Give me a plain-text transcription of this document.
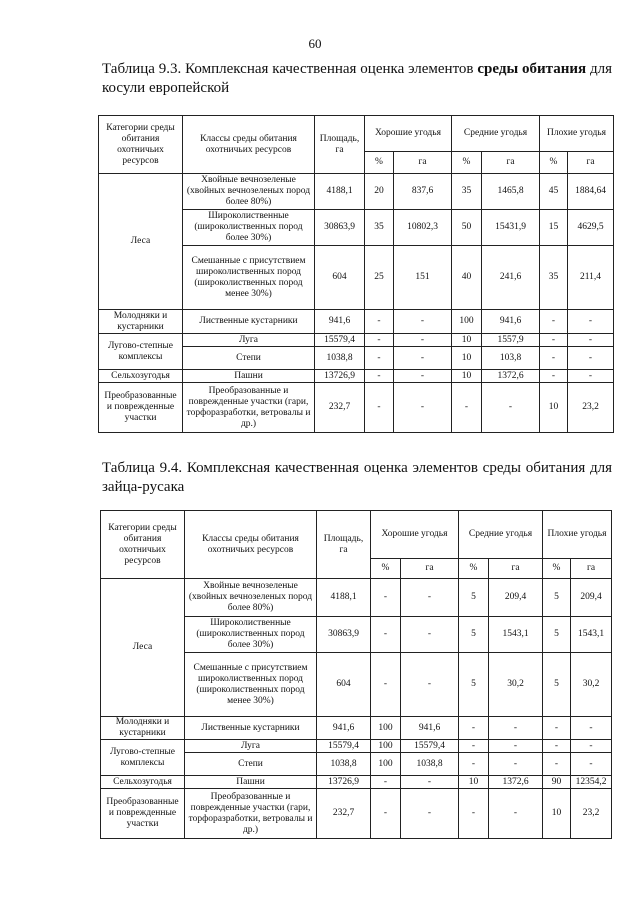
60
Таблица 9.3. Комплексная качественная оценка элементов среды обитания для косули европейской
Категории среды обитания охотничьих ресурсов	Классы среды обитания охотничьих ресурсов	Площадь, га	Хорошие угодья		Средние угодья		Плохие угодья	
			%	га	%	га	%	га
Леса	Хвойные вечнозеленые (хвойных вечнозеленых пород более 80%)	4188,1	20	837,6	35	1465,8	45	1884,64
	Широколиственные (широколиственных пород более 30%)	30863,9	35	10802,3	50	15431,9	15	4629,5
	Смешанные с присутствием широколиственных пород (широколиственных пород менее 30%)	604	25	151	40	241,6	35	211,4
Молодняки и кустарники	Лиственные кустарники	941,6	-	-	100	941,6	-	-
Лугово-степные комплексы	Луга	15579,4	-	-	10	1557,9	-	-
	Степи	1038,8	-	-	10	103,8	-	-
Сельхозугодья	Пашни	13726,9	-	-	10	1372,6	-	-
Преобразованные и поврежденные участки	Преобразованные и поврежденные участки (гари, торфоразработки, ветровалы и др.)	232,7	-	-	-	-	10	23,2
Таблица 9.4. Комплексная качественная оценка элементов среды обитания для зайца-русака
Категории среды обитания охотничьих ресурсов	Классы среды обитания охотничьих ресурсов	Площадь, га	Хорошие угодья		Средние угодья		Плохие угодья	
			%	га	%	га	%	га
Леса	Хвойные вечнозеленые (хвойных вечнозеленых пород более 80%)	4188,1	-	-	5	209,4	5	209,4
	Широколиственные (широколиственных пород более 30%)	30863,9	-	-	5	1543,1	5	1543,1
	Смешанные с присутствием широколиственных пород (широколиственных пород менее 30%)	604	-	-	5	30,2	5	30,2
Молодняки и кустарники	Лиственные кустарники	941,6	100	941,6	-	-	-	-
Лугово-степные комплексы	Луга	15579,4	100	15579,4	-	-	-	-
	Степи	1038,8	100	1038,8	-	-	-	-
Сельхозугодья	Пашни	13726,9	-	-	10	1372,6	90	12354,2
Преобразованные и поврежденные участки	Преобразованные и поврежденные участки (гари, торфоразработки, ветровалы и др.)	232,7	-	-	-	-	10	23,2
